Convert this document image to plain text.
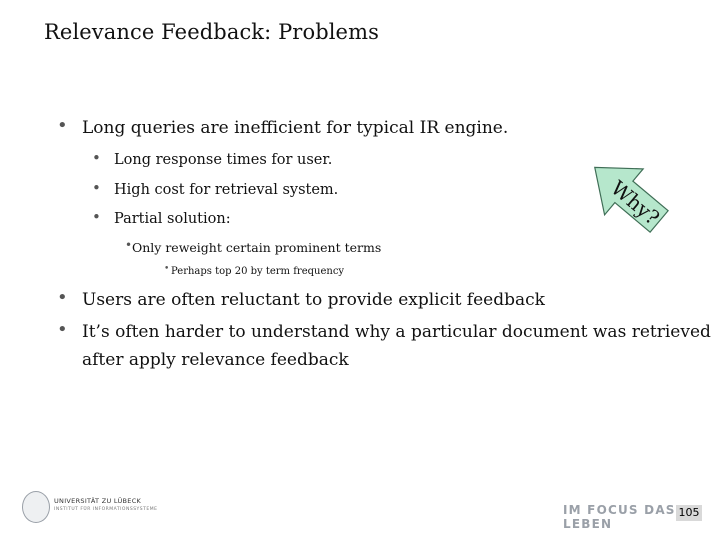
Relevance Feedback: Problems
• Long queries are inefficient for typical IR engine.
• Long response times for user.
• High cost for retrieval system.
• Partial solution:
• Only reweight certain prominent terms
• Perhaps top 20 by term frequency
• Users are often reluctant to provide explicit feedback
• It’s often harder to understand why a particular document was retrieved
after apply relevance feedback
Why?
UNIVERSITÄT ZU LÜBECK
INSTITUT FÜR INFORMATIONSSYSTEME	IM FOCUS DAS LEBEN
105
